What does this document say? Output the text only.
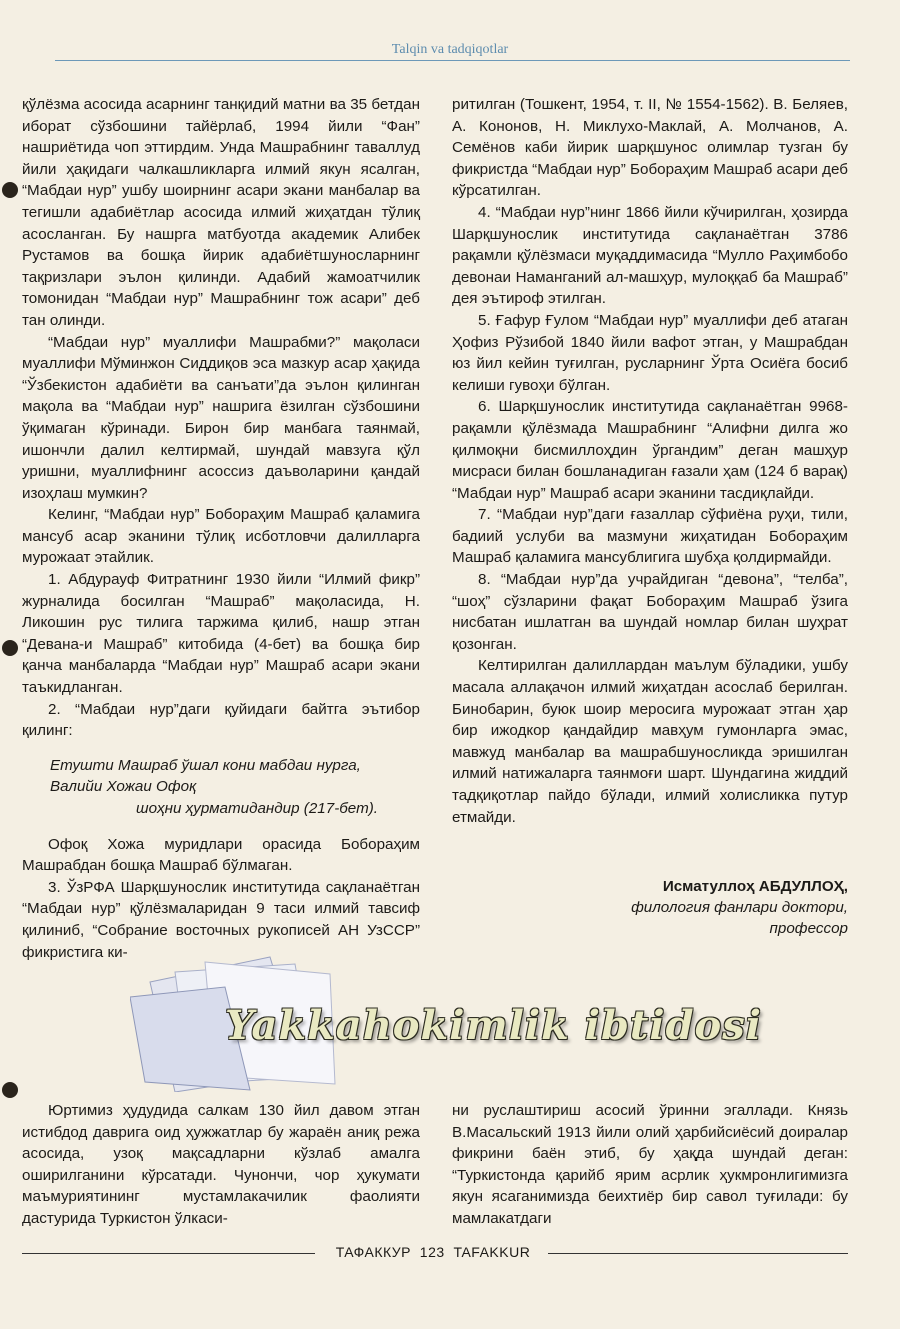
Talqin va tadqiqotlar

қўлёзма асосида асарнинг танқидий матни ва 35 бетдан иборат сўзбошини тайёрлаб, 1994 йили “Фан” нашриётида чоп эттирдим. Унда Машрабнинг таваллуд йили ҳақидаги чалкашликларга илмий якун ясалган, “Мабдаи нур” ушбу шоирнинг асари экани манбалар ва тегишли адабиётлар асосида илмий жиҳатдан тўлиқ асосланган. Бу нашрга матбуотда академик Алибек Рустамов ва бошқа йирик адабиётшуносларнинг тақризлари эълон қилинди. Адабий жамоатчилик томонидан “Мабдаи нур” Машрабнинг тож асари” деб тан олинди.

“Мабдаи нур” муаллифи Машрабми?” мақоласи муаллифи Мўминжон Сиддиқов эса мазкур асар ҳақида “Ўзбекистон адабиёти ва санъати”да эълон қилинган мақола ва “Мабдаи нур” нашрига ёзилган сўзбошини ўқимаган кўринади. Бирон бир манбага таянмай, ишончли далил келтирмай, шундай мавзуга қўл уришни, муаллифнинг асоссиз даъволарини қандай изоҳлаш мумкин?

Келинг, “Мабдаи нур” Бобораҳим Машраб қаламига мансуб асар эканини тўлиқ исботловчи далилларга мурожаат этайлик.

1. Абдурауф Фитратнинг 1930 йили “Илмий фикр” журналида босилган “Машраб” мақоласида, Н. Ликошин рус тилига таржима қилиб, нашр этган “Девана-и Машраб” китобида (4-бет) ва бошқа бир қанча манбаларда “Мабдаи нур” Машраб асари экани таъкидланган.

2. “Мабдаи нур”даги қуйидаги байтга эътибор қилинг:

Етушти Машраб ўшал кони мабдаи нурга,
Валийи Хожаи Офоқ
шоҳни ҳурматидандир (217-бет).

Офоқ Хожа муридлари орасида Бобораҳим Машрабдан бошқа Машраб бўлмаган.

3. ЎзРФА Шарқшунослик институтида сақланаётган “Мабдаи нур” қўлёзмаларидан 9 таси илмий тавсиф қилиниб, “Собрание восточных рукописей АН УзССР” фикристига ки-

ритилган (Тошкент, 1954, т. II, № 1554-1562). В. Беляев, А. Кононов, Н. Миклухо-Маклай, А. Молчанов, А. Семёнов каби йирик шарқшунос олимлар тузган бу фикристда “Мабдаи нур” Бобораҳим Машраб асари деб кўрсатилган.

4. “Мабдаи нур”нинг 1866 йили кўчирилган, ҳозирда Шарқшунослик институтида сақланаётган 3786 рақамли қўлёзмаси муқаддимасида “Мулло Раҳимбобо девонаи Наманганий ал-машҳур, мулоққаб ба Машраб” дея эътироф этилган.

5. Ғафур Ғулом “Мабдаи нур” муаллифи деб атаган Ҳофиз Рўзибой 1840 йили вафот этган, у Машрабдан юз йил кейин туғилган, русларнинг Ўрта Осиёга босиб келиши гувоҳи бўлган.

6. Шарқшунослик институтида сақланаётган 9968-рақамли қўлёзмада Машрабнинг “Алифни дилга жо қилмоқни бисмиллоҳдин ўргандим” деган машҳур мисраси билан бошланадиган ғазали ҳам (124 б варақ) “Мабдаи нур” Машраб асари эканини тасдиқлайди.

7. “Мабдаи нур”даги ғазаллар сўфиёна руҳи, тили, бадиий услуби ва мазмуни жиҳатидан Бобораҳим Машраб қаламига мансублигига шубҳа қолдирмайди.

8. “Мабдаи нур”да учрайдиган “девона”, “телба”, “шоҳ” сўзларини фақат Бобораҳим Машраб ўзига нисбатан ишлатган ва шундай номлар билан шуҳрат қозонган.

Келтирилган далиллардан маълум бўладики, ушбу масала аллақачон илмий жиҳатдан асослаб берилган. Бинобарин, буюк шоир меросига мурожаат этган ҳар бир ижодкор қандайдир мавҳум гумонларга эмас, мавжуд манбалар ва машрабшуносликда эришилган илмий натижаларга таянмоғи шарт. Шундагина жиддий тадқиқотлар пайдо бўлади, илмий холисликка путур етмайди.

Исматуллоҳ АБДУЛЛОҲ,
филология фанлари доктори,
профессор
Yakkahokimlik ibtidosi

Юртимиз ҳудудида салкам 130 йил давом этган истибдод даврига оид ҳужжатлар бу жараён аниқ режа асосида, узоқ мақсадларни кўзлаб амалга оширилганини кўрсатади. Чунончи, чор ҳукумати маъмуриятининг мустамлакачилик фаолияти дастурида Туркистон ўлкаси-

ни руслаштириш асосий ўринни эгаллади. Князь В.Масальский 1913 йили олий ҳарбийсиёсий доиралар фикрини баён этиб, бу ҳақда шундай деган: “Туркистонда қарийб ярим асрлик ҳукмронлигимизга якун ясаганимизда беихтиёр бир савол туғилади: бу мамлакатдаги

ТАФАККУР  123  TAFAKKUR
